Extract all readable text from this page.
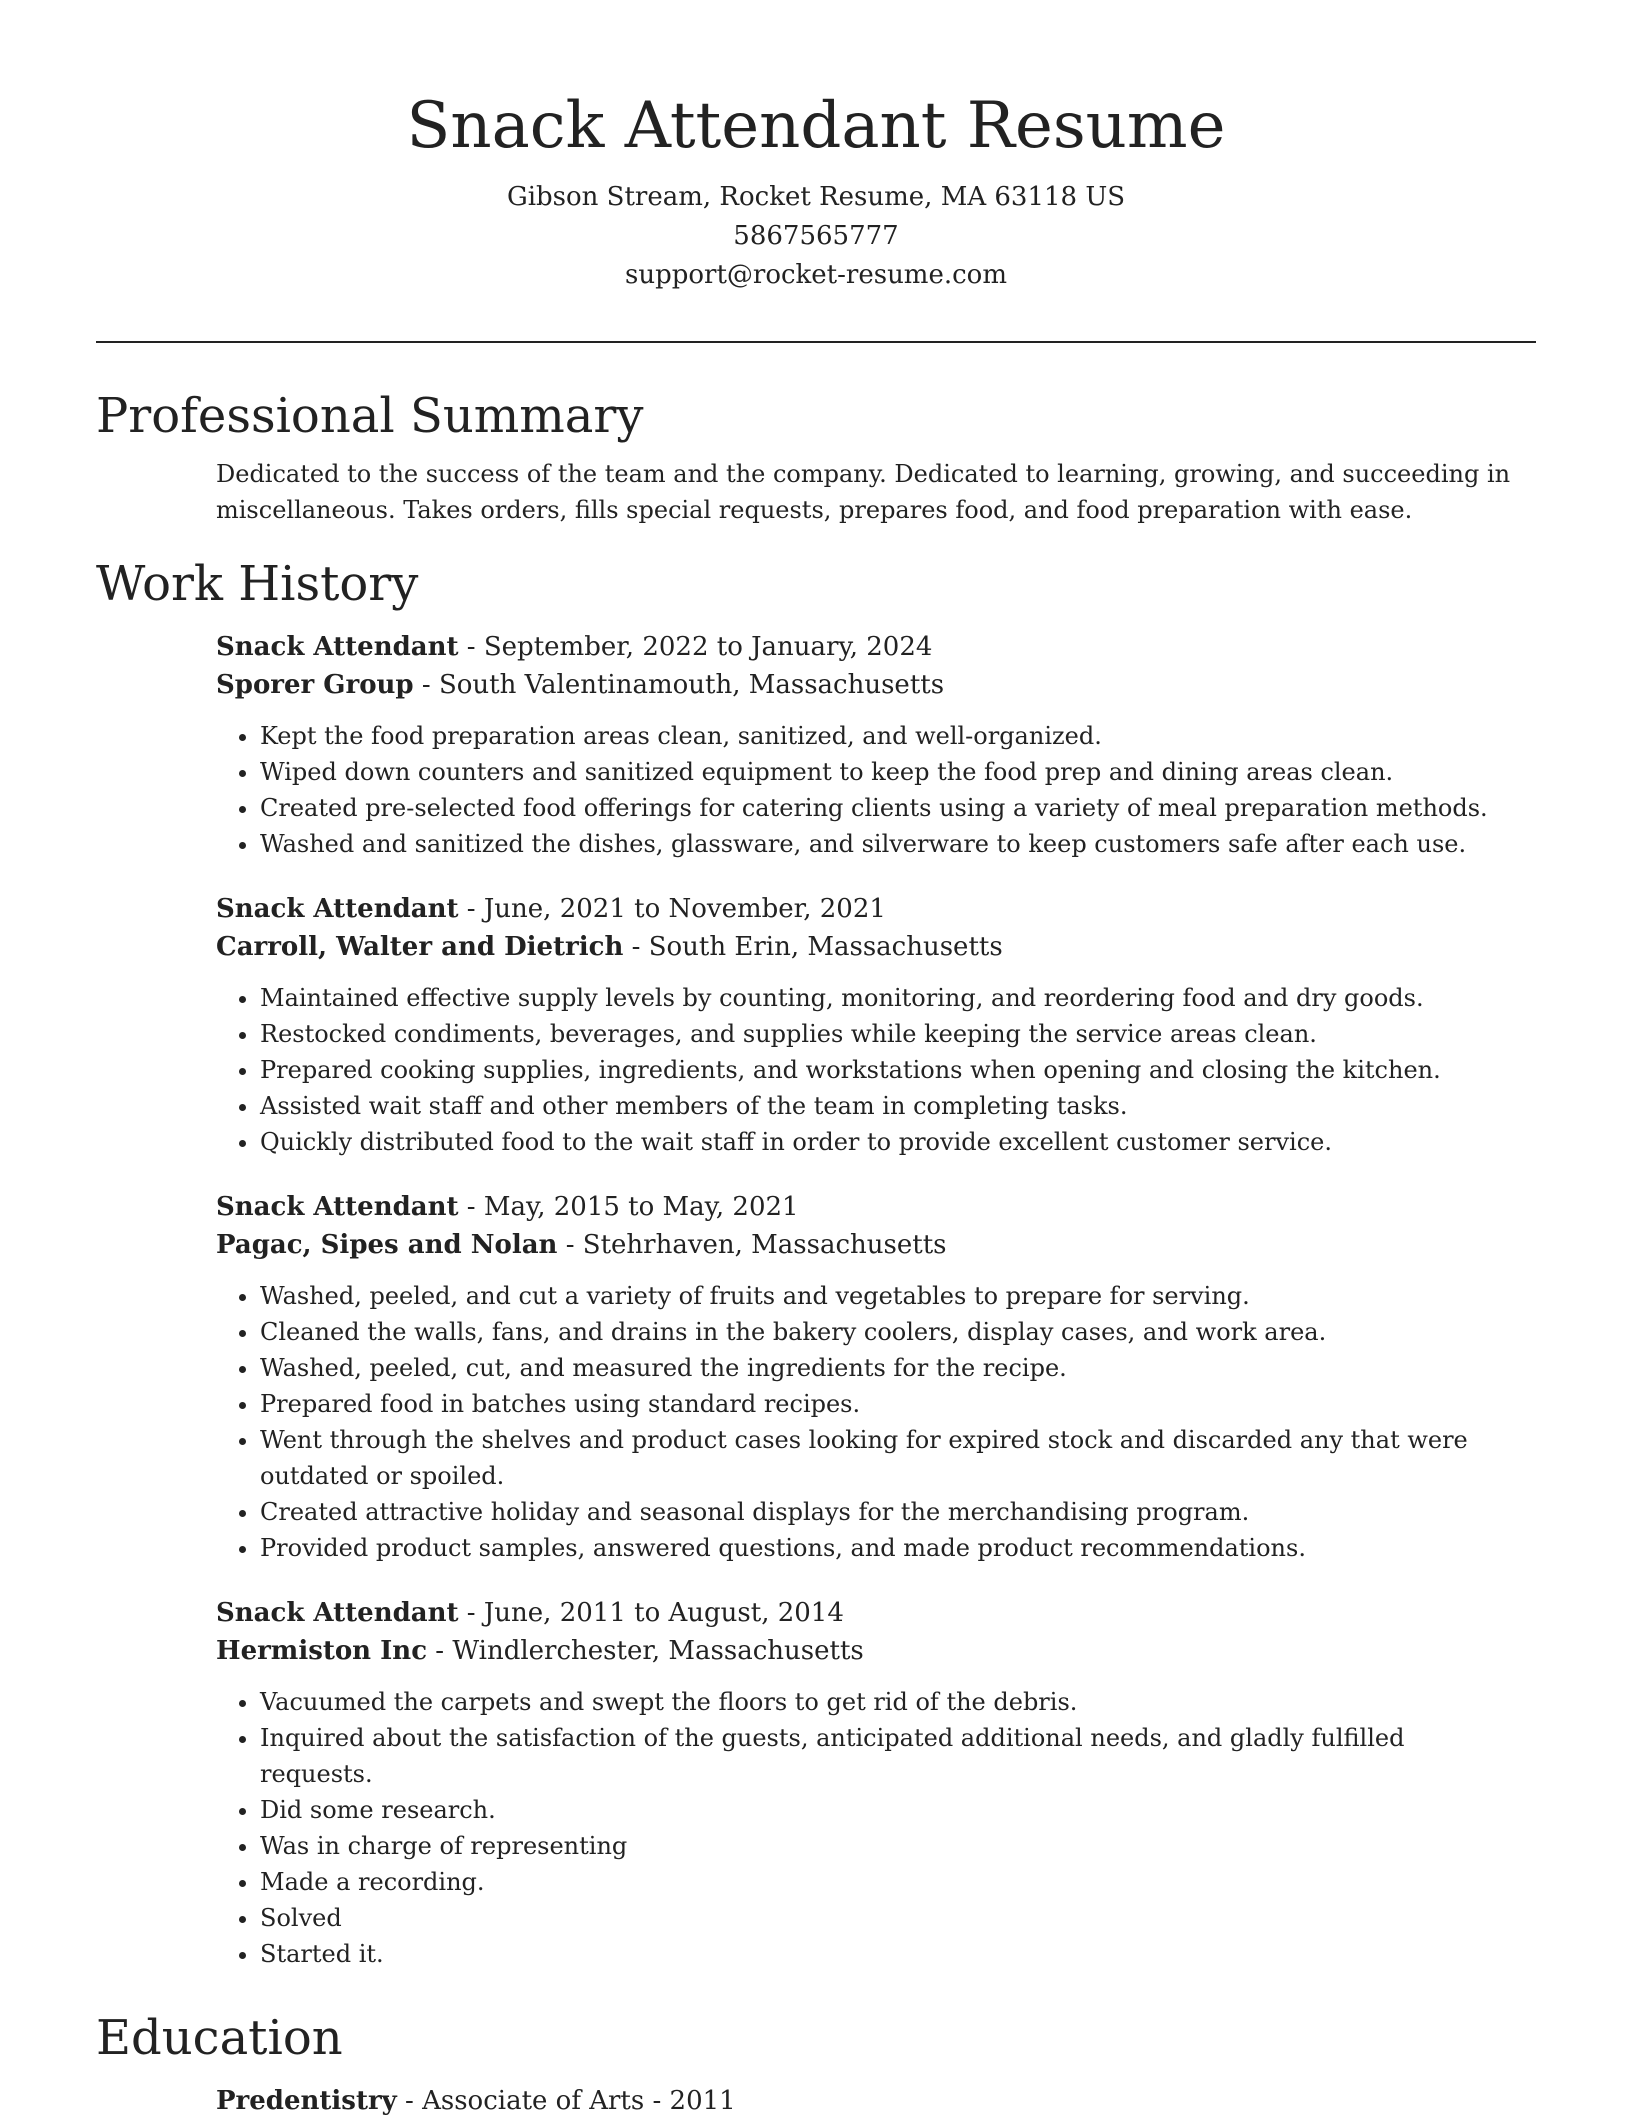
Snack Attendant Resume
Gibson Stream, Rocket Resume, MA 63118 US
5867565777
support@rocket-resume.com
Professional Summary

Dedicated to the success of the team and the company. Dedicated to learning, growing, and succeeding in miscellaneous. Takes orders, fills special requests, prepares food, and food preparation with ease.

Work History
Snack Attendant - September, 2022 to January, 2024
Sporer Group - South Valentinamouth, Massachusetts
• Kept the food preparation areas clean, sanitized, and well-organized.
• Wiped down counters and sanitized equipment to keep the food prep and dining areas clean.
• Created pre-selected food offerings for catering clients using a variety of meal preparation methods.
• Washed and sanitized the dishes, glassware, and silverware to keep customers safe after each use.
Snack Attendant - June, 2021 to November, 2021
Carroll, Walter and Dietrich - South Erin, Massachusetts
• Maintained effective supply levels by counting, monitoring, and reordering food and dry goods.
• Restocked condiments, beverages, and supplies while keeping the service areas clean.
• Prepared cooking supplies, ingredients, and workstations when opening and closing the kitchen.
• Assisted wait staff and other members of the team in completing tasks.
• Quickly distributed food to the wait staff in order to provide excellent customer service.
Snack Attendant - May, 2015 to May, 2021
Pagac, Sipes and Nolan - Stehrhaven, Massachusetts
• Washed, peeled, and cut a variety of fruits and vegetables to prepare for serving.
• Cleaned the walls, fans, and drains in the bakery coolers, display cases, and work area.
• Washed, peeled, cut, and measured the ingredients for the recipe.
• Prepared food in batches using standard recipes.
• Went through the shelves and product cases looking for expired stock and discarded any that were outdated or spoiled.
• Created attractive holiday and seasonal displays for the merchandising program.
• Provided product samples, answered questions, and made product recommendations.
Snack Attendant - June, 2011 to August, 2014
Hermiston Inc - Windlerchester, Massachusetts
• Vacuumed the carpets and swept the floors to get rid of the debris.
• Inquired about the satisfaction of the guests, anticipated additional needs, and gladly fulfilled requests.
• Did some research.
• Was in charge of representing
• Made a recording.
• Solved
• Started it.
Education
Predentistry - Associate of Arts - 2011
